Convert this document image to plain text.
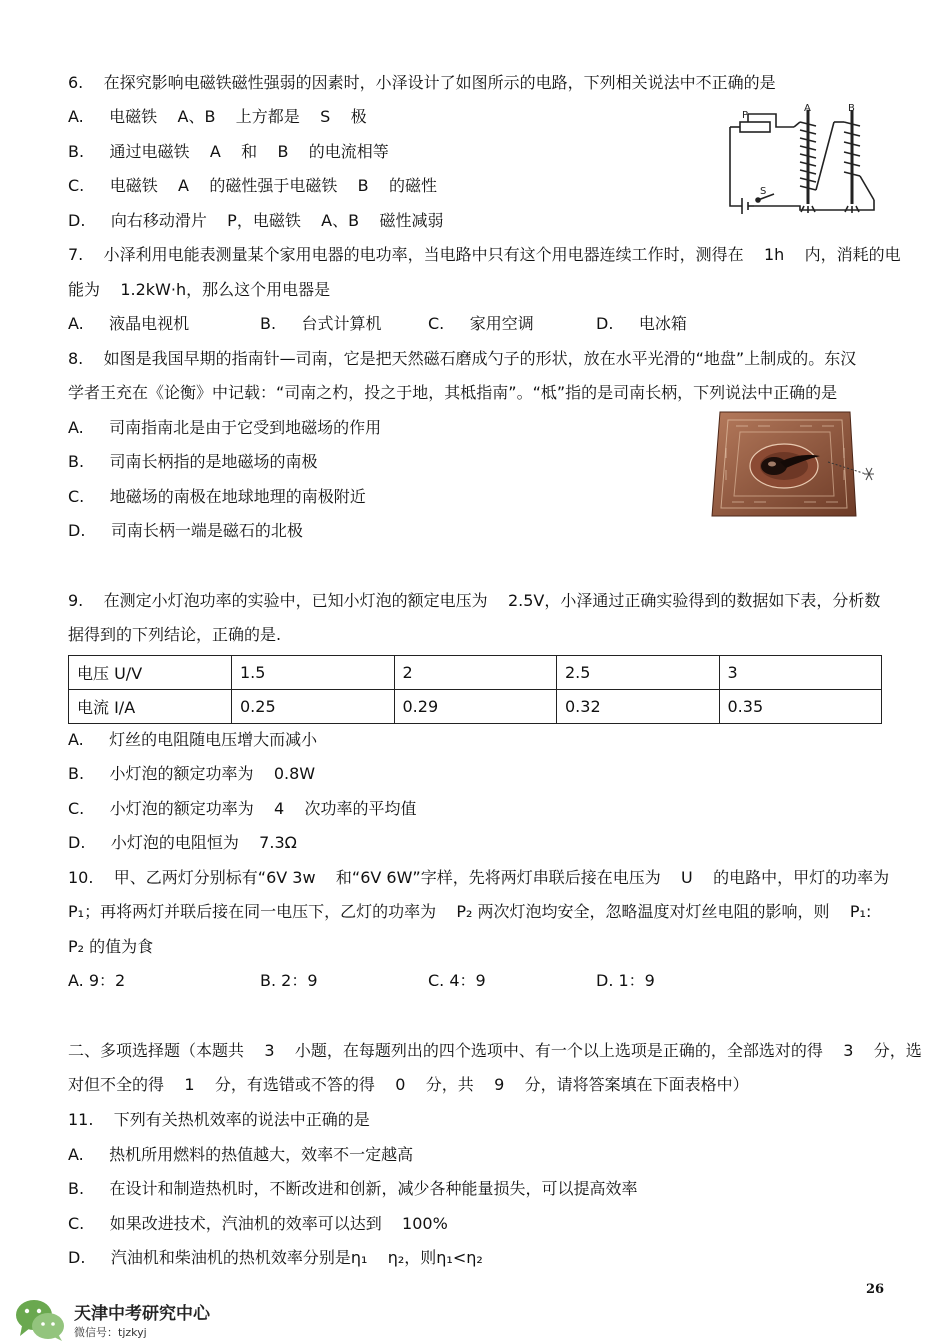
6.    在探究影响电磁铁磁性强弱的因素时，小泽设计了如图所示的电路，下列相关说法中不正确的是
A.     电磁铁    A、B    上方都是    S    极
B.     通过电磁铁    A    和    B    的电流相等
C.     电磁铁    A    的磁性强于电磁铁    B    的磁性
D.     向右移动滑片    P，电磁铁    A、B    磁性减弱
P
A	B
S
7.    小泽利用电能表测量某个家用电器的电功率，当电路中只有这个用电器连续工作时，测得在    1h    内，消耗的电
能为    1.2kW·h，那么这个用电器是
A.     液晶电视机	B.     台式计算机	C.     家用空调	D.     电冰箱
8.    如图是我国早期的指南针—司南，它是把天然磁石磨成勺子的形状，放在水平光滑的“地盘”上制成的。东汉
学者王充在《论衡》中记载：“司南之杓，投之于地，其柢指南”。“柢”指的是司南长柄，下列说法中正确的是
A.     司南指南北是由于它受到地磁场的作用
B.     司南长柄指的是地磁场的南极
C.     地磁场的南极在地球地理的南极附近
D.     司南长柄一端是磁石的北极
9.    在测定小灯泡功率的实验中，已知小灯泡的额定电压为    2.5V，小泽通过正确实验得到的数据如下表，分析数
据得到的下列结论，正确的是.
电压 U/V	1.5	2	2.5	3
电流 I/A	0.25	0.29	0.32	0.35
A.     灯丝的电阻随电压增大而减小
B.     小灯泡的额定功率为    0.8W
C.     小灯泡的额定功率为    4    次功率的平均值
D.     小灯泡的电阻恒为    7.3Ω
10.    甲、乙两灯分别标有“6V 3w    和“6V 6W”字样，先将两灯串联后接在电压为    U    的电路中，甲灯的功率为
P₁；再将两灯并联后接在同一电压下，乙灯的功率为    P₂ 两次灯泡均安全，忽略温度对灯丝电阻的影响，则    P₁:
P₂ 的值为食
A. 9：2	B. 2：9	C. 4：9	D. 1：9
二、多项选择题（本题共    3    小题，在每题列出的四个选项中、有一个以上选项是正确的，全部选对的得    3    分，选
对但不全的得    1    分，有选错或不答的得    0    分，共    9    分，请将答案填在下面表格中）
11.    下列有关热机效率的说法中正确的是
A.     热机所用燃料的热值越大，效率不一定越高
B.     在设计和制造热机时，不断改进和创新，减少各种能量损失，可以提高效率
C.     如果改进技术，汽油机的效率可以达到    100%
D.     汽油机和柴油机的热机效率分别是η₁    η₂，则η₁<η₂
26
天津中考研究中心
微信号：tjzkyj
